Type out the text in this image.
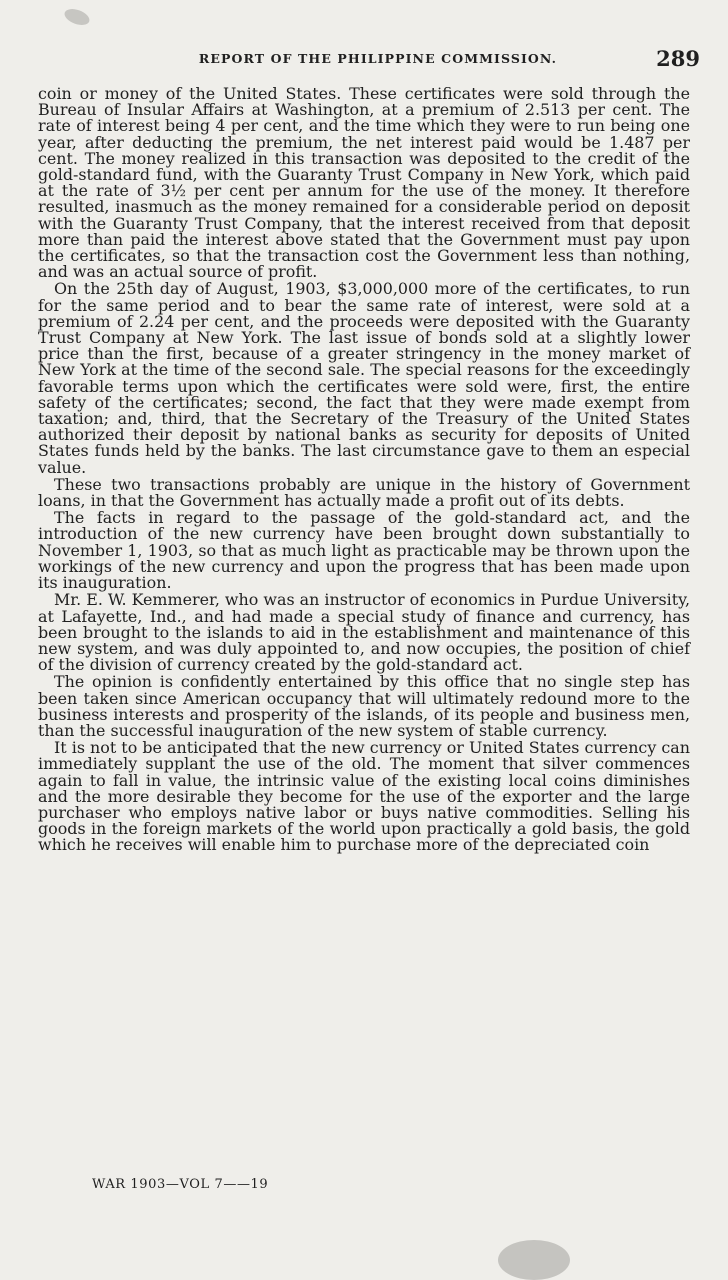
REPORT OF THE PHILIPPINE COMMISSION.	289

coin or money of the United States. These certificates were sold through the Bureau of Insular Affairs at Washington, at a premium of 2.513 per cent. The rate of interest being 4 per cent, and the time which they were to run being one year, after deducting the premium, the net interest paid would be 1.487 per cent. The money realized in this transaction was deposited to the credit of the gold-standard fund, with the Guaranty Trust Company in New York, which paid at the rate of 3½ per cent per annum for the use of the money. It therefore resulted, inasmuch as the money remained for a considerable period on deposit with the Guaranty Trust Company, that the interest received from that deposit more than paid the interest above stated that the Government must pay upon the certificates, so that the transaction cost the Government less than nothing, and was an actual source of profit.

On the 25th day of August, 1903, $3,000,000 more of the certificates, to run for the same period and to bear the same rate of interest, were sold at a premium of 2.24 per cent, and the proceeds were deposited with the Guaranty Trust Company at New York. The last issue of bonds sold at a slightly lower price than the first, because of a greater stringency in the money market of New York at the time of the second sale. The special reasons for the exceedingly favorable terms upon which the certificates were sold were, first, the entire safety of the certificates; second, the fact that they were made exempt from taxation; and, third, that the Secretary of the Treasury of the United States authorized their deposit by national banks as security for deposits of United States funds held by the banks. The last circumstance gave to them an especial value.

These two transactions probably are unique in the history of Government loans, in that the Government has actually made a profit out of its debts.

The facts in regard to the passage of the gold-standard act, and the introduction of the new currency have been brought down substantially to November 1, 1903, so that as much light as practicable may be thrown upon the workings of the new currency and upon the progress that has been made upon its inauguration.

Mr. E. W. Kemmerer, who was an instructor of economics in Purdue University, at Lafayette, Ind., and had made a special study of finance and currency, has been brought to the islands to aid in the establishment and maintenance of this new system, and was duly appointed to, and now occupies, the position of chief of the division of currency created by the gold-standard act.

The opinion is confidently entertained by this office that no single step has been taken since American occupancy that will ultimately redound more to the business interests and prosperity of the islands, of its people and business men, than the successful inauguration of the new system of stable currency.

It is not to be anticipated that the new currency or United States currency can immediately supplant the use of the old. The moment that silver commences again to fall in value, the intrinsic value of the existing local coins diminishes and the more desirable they become for the use of the exporter and the large purchaser who employs native labor or buys native commodities. Selling his goods in the foreign markets of the world upon practically a gold basis, the gold which he receives will enable him to purchase more of the depreciated coin

WAR 1903—VOL 7——19
